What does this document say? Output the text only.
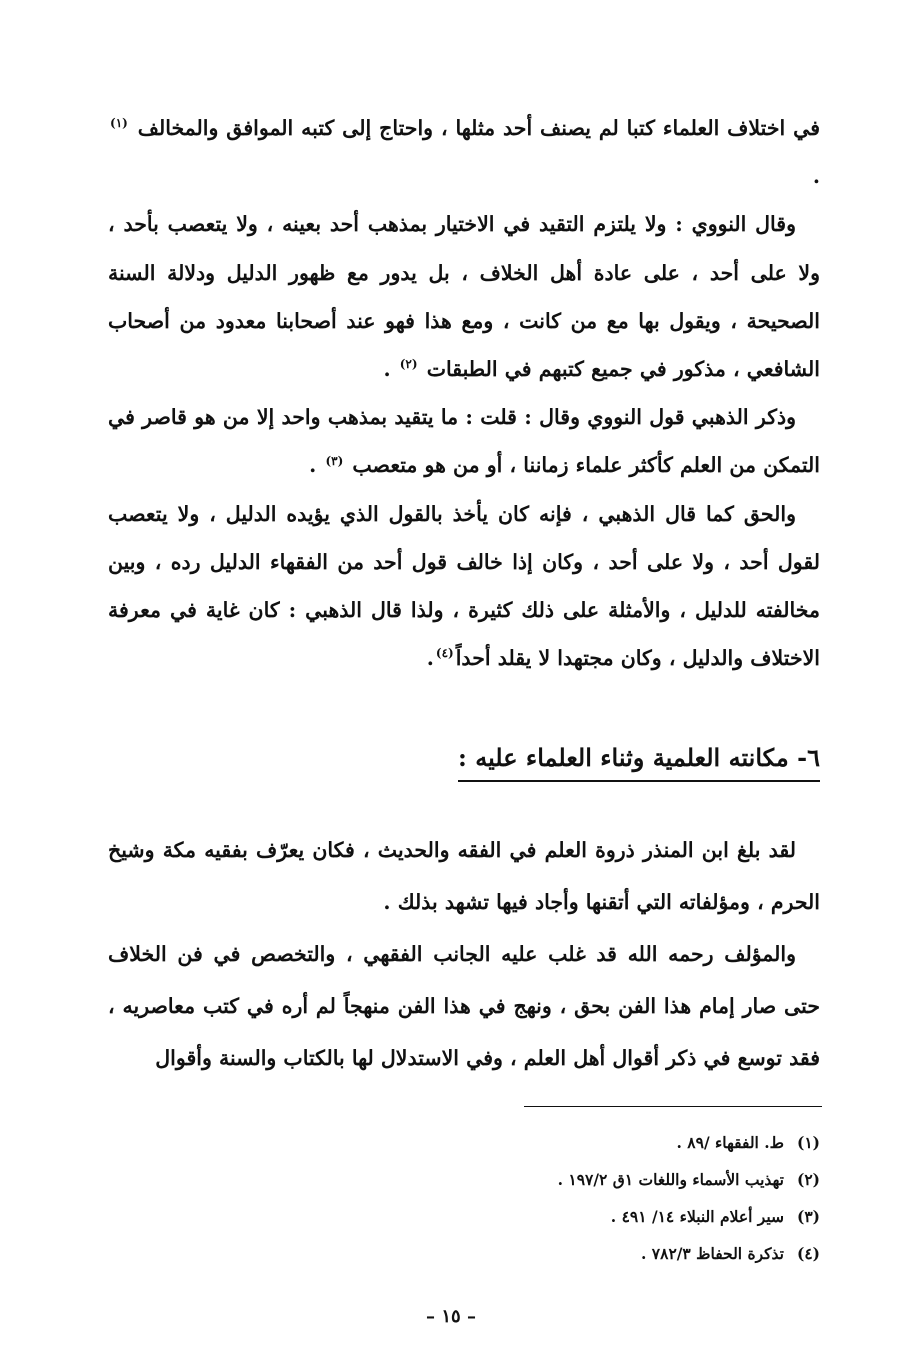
في اختلاف العلماء كتبا لم يصنف أحد مثلها ، واحتاج إلى كتبه الموافق والمخالف $^{(١)}$ .

وقال النووي : ولا يلتزم التقيد في الاختيار بمذهب أحد بعينه ، ولا يتعصب بأحد ، ولا على أحد ، على عادة أهل الخلاف ، بل يدور مع ظهور الدليل ودلالة السنة الصحيحة ، ويقول بها مع من كانت ، ومع هذا فهو عند أصحابنا معدود من أصحاب الشافعي ، مذكور في جميع كتبهم في الطبقات $^{(٢)}$ .

وذكر الذهبي قول النووي وقال : قلت : ما يتقيد بمذهب واحد إلا من هو قاصر في التمكن من العلم كأكثر علماء زماننا ، أو من هو متعصب $^{(٣)}$ .

والحق كما قال الذهبي ، فإنه كان يأخذ بالقول الذي يؤيده الدليل ، ولا يتعصب لقول أحد ، ولا على أحد ، وكان إذا خالف قول أحد من الفقهاء الدليل رده ، وبين مخالفته للدليل ، والأمثلة على ذلك كثيرة ، ولذا قال الذهبي : كان غاية في معرفة الاختلاف والدليل ، وكان مجتهدا لا يقلد أحداً$^{(٤)}$.

٦- مكانته العلمية وثناء العلماء عليه :

لقد بلغ ابن المنذر ذروة العلم في الفقه والحديث ، فكان يعرّف بفقيه مكة وشيخ الحرم ، ومؤلفاته التي أتقنها وأجاد فيها تشهد بذلك .

والمؤلف رحمه الله قد غلب عليه الجانب الفقهي ، والتخصص في فن الخلاف حتى صار إمام هذا الفن بحق ، ونهج في هذا الفن منهجاً لم أره في كتب معاصريه ، فقد توسع في ذكر أقوال أهل العلم ، وفي الاستدلال لها بالكتاب والسنة وأقوال

(١)
ط. الفقهاء /٨٩ .
(٢)
تهذيب الأسماء واللغات ١ق ١٩٧/٢ .
(٣)
سير أعلام النبلاء ١٤/ ٤٩١ .
(٤)
تذكرة الحفاظ ٧٨٢/٣ .
– ١٥ –
